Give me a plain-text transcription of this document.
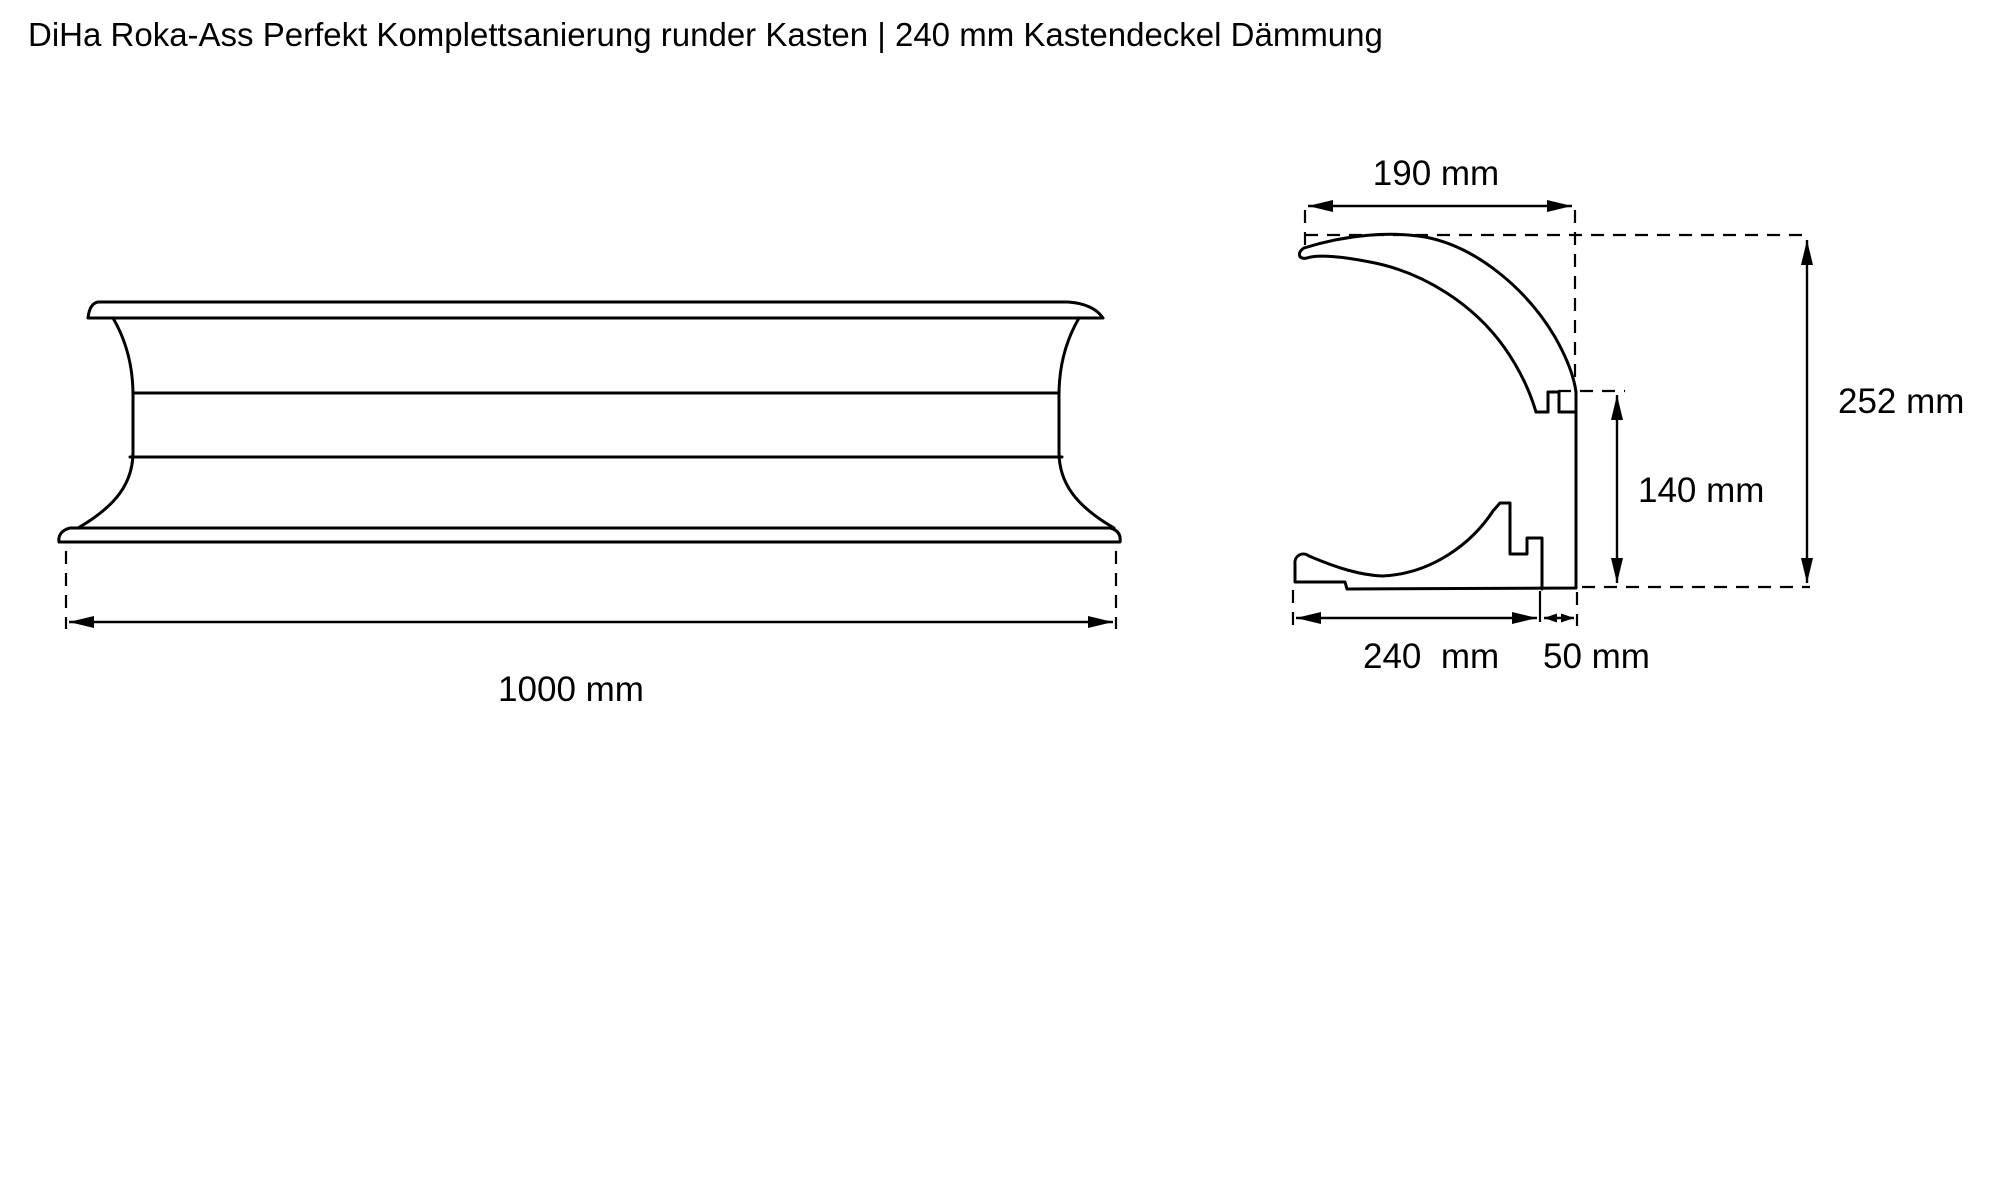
DiHa Roka-Ass Perfekt Komplettsanierung runder Kasten | 240 mm Kastendeckel Dämmung
1000 mm
190 mm
252 mm
140 mm
240  mm 50 mm
